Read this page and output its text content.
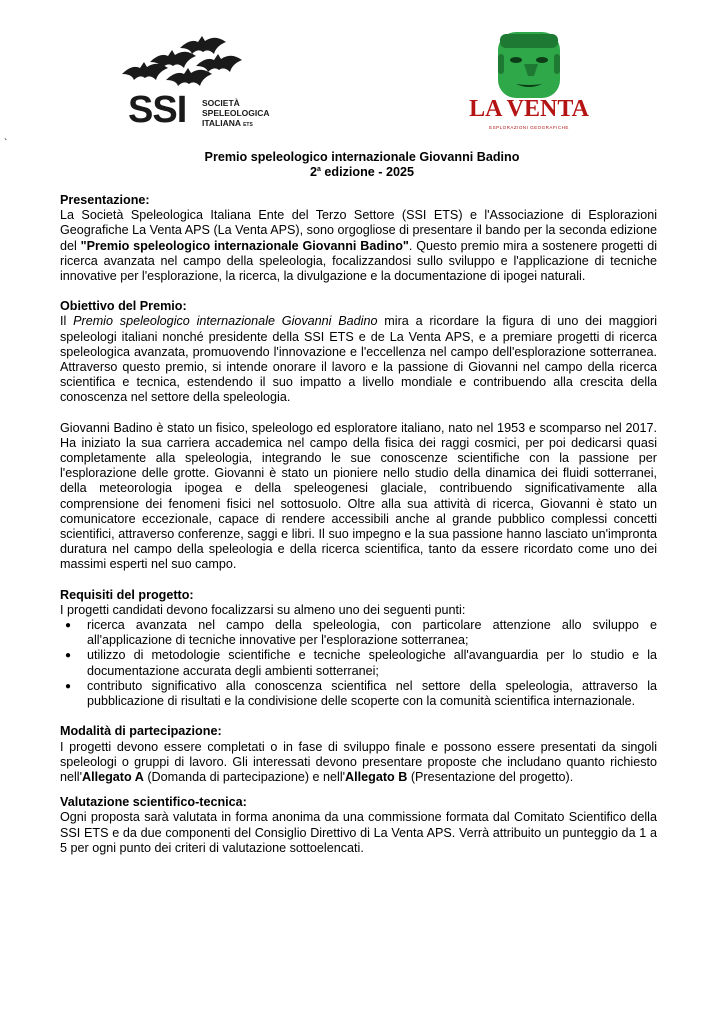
SSI SOCIETÀ
SPELEOLOGICA
ITALIANA ETS
LA VENTA
ESPLORAZIONI GEOGRAFICHE
`
Premio speleologico internazionale Giovanni Badino
2$^a$ edizione - 2025
Presentazione:

La Società Speleologica Italiana Ente del Terzo Settore (SSI ETS) e l'Associazione di Esplorazioni Geografiche La Venta APS (La Venta APS), sono orgogliose di presentare il bando per la seconda edizione del "Premio speleologico internazionale Giovanni Badino". Questo premio mira a sostenere progetti di ricerca avanzata nel campo della speleologia, focalizzandosi sullo sviluppo e l'applicazione di tecniche innovative per l'esplorazione, la ricerca, la divulgazione e la documentazione di ipogei naturali.

Obiettivo del Premio:

Il Premio speleologico internazionale Giovanni Badino mira a ricordare la figura di uno dei maggiori speleologi italiani nonché presidente della SSI ETS e de La Venta APS, e a premiare progetti di ricerca speleologica avanzata, promuovendo l'innovazione e l'eccellenza nel campo dell'esplorazione sotterranea. Attraverso questo premio, si intende onorare il lavoro e la passione di Giovanni nel campo della ricerca scientifica e tecnica, estendendo il suo impatto a livello mondiale e contribuendo alla crescita della conoscenza nel settore della speleologia.

Giovanni Badino è stato un fisico, speleologo ed esploratore italiano, nato nel 1953 e scomparso nel 2017. Ha iniziato la sua carriera accademica nel campo della fisica dei raggi cosmici, per poi dedicarsi quasi completamente alla speleologia, integrando le sue conoscenze scientifiche con la passione per l'esplorazione delle grotte. Giovanni è stato un pioniere nello studio della dinamica dei fluidi sotterranei, della meteorologia ipogea e della speleogenesi glaciale, contribuendo significativamente alla comprensione dei fenomeni fisici nel sottosuolo. Oltre alla sua attività di ricerca, Giovanni è stato un comunicatore eccezionale, capace di rendere accessibili anche al grande pubblico complessi concetti scientifici, attraverso conferenze, saggi e libri. Il suo impegno e la sua passione hanno lasciato un'impronta duratura nel campo della speleologia e della ricerca scientifica, tanto da essere ricordato come uno dei massimi esperti nel suo campo.

Requisiti del progetto:

I progetti candidati devono focalizzarsi su almeno uno dei seguenti punti:

● ricerca avanzata nel campo della speleologia, con particolare attenzione allo sviluppo e all'applicazione di tecniche innovative per l'esplorazione sotterranea;
● utilizzo di metodologie scientifiche e tecniche speleologiche all'avanguardia per lo studio e la documentazione accurata degli ambienti sotterranei;
● contributo significativo alla conoscenza scientifica nel settore della speleologia, attraverso la pubblicazione di risultati e la condivisione delle scoperte con la comunità scientifica internazionale.
Modalità di partecipazione:

I progetti devono essere completati o in fase di sviluppo finale e possono essere presentati da singoli speleologi o gruppi di lavoro. Gli interessati devono presentare proposte che includano quanto richiesto nell'Allegato A (Domanda di partecipazione) e nell'Allegato B (Presentazione del progetto).

Valutazione scientifico-tecnica:

Ogni proposta sarà valutata in forma anonima da una commissione formata dal Comitato Scientifico della SSI ETS e da due componenti del Consiglio Direttivo di La Venta APS. Verrà attribuito un punteggio da 1 a 5 per ogni punto dei criteri di valutazione sottoelencati.
